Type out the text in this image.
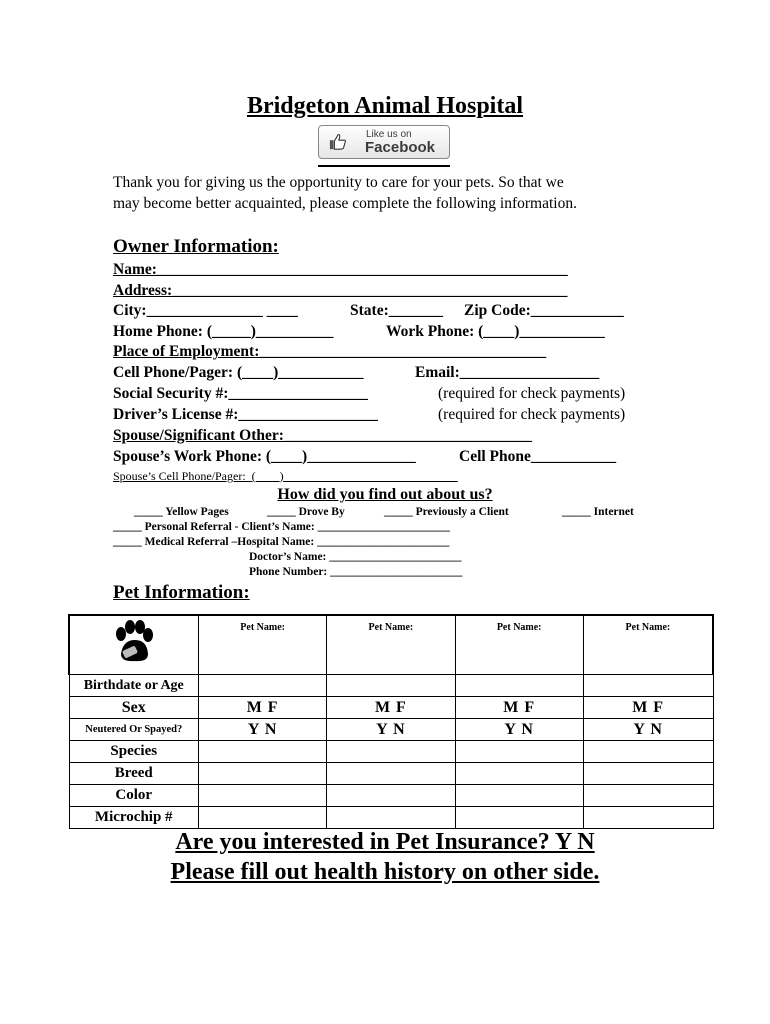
Bridgeton Animal Hospital
Like us on
Facebook
Thank you for giving us the opportunity to care for your pets. So that we
may become better acquainted, please complete the following information.
Owner Information:
Name:_____________________________________________________
Address:___________________________________________________
City:_______________ ____	State:_______ Zip Code:____________
Home Phone: (_____)__________	Work Phone: (____)___________
Place of Employment:_____________________________________
Cell Phone/Pager: (____)___________	Email:__________________
Social Security #:__________________	(required for check payments)
Driver’s License #:__________________	(required for check payments)
Spouse/Significant Other:________________________________
Spouse’s Work Phone: (____)______________	Cell Phone___________
Spouse’s Cell Phone/Pager:_(____)_____________________________
How did you find out about us?
_____ Yellow Pages	_____ Drove By	_____ Previously a Client	_____ Internet
_____ Personal Referral - Client’s Name: _______________________
_____ Medical Referral –Hospital Name: _______________________
Doctor’s Name: _______________________
Phone Number: _______________________
Pet Information:
	Pet Name:	Pet Name:	Pet Name:	Pet Name:
Birthdate or Age				
Sex	M F	M F	M F	M F
Neutered Or Spayed?	Y N	Y N	Y N	Y N
Species				
Breed				
Color				
Microchip #				
Are you interested in Pet Insurance? Y N
Please fill out health history on other side.
